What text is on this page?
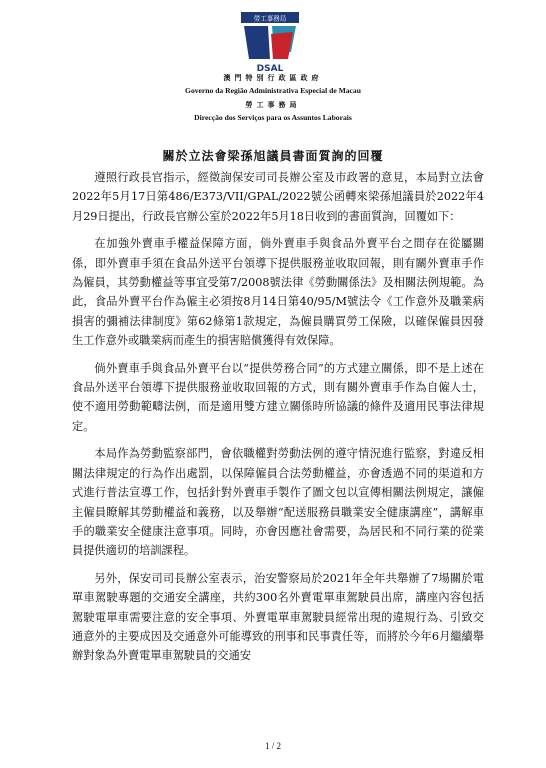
勞工事務局
DSAL
澳門特別行政區政府
Governo da Região Administrativa Especial de Macau
勞工事務局
Direcção dos Serviços para os Assuntos Laborais
關於立法會梁孫旭議員書面質詢的回覆

遵照行政長官指示，經徵詢保安司司長辦公室及市政署的意見，本局對立法會2022年5月17日第486/E373/VII/GPAL/2022號公函轉來梁孫旭議員於2022年4月29日提出，行政長官辦公室於2022年5月18日收到的書面質詢，回覆如下：

在加強外賣車手權益保障方面，倘外賣車手與食品外賣平台之間存在從屬關係，即外賣車手須在食品外送平台領導下提供服務並收取回報，則有關外賣車手作為僱員，其勞動權益等事宜受第7/2008號法律《勞動關係法》及相關法例規範。為此，食品外賣平台作為僱主必須按8月14日第40/95/M號法令《工作意外及職業病損害的彌補法律制度》第62條第1款規定，為僱員購買勞工保險，以確保僱員因發生工作意外或職業病而產生的損害賠償獲得有效保障。

倘外賣車手與食品外賣平台以“提供勞務合同”的方式建立關係，即不是上述在食品外送平台領導下提供服務並收取回報的方式，則有關外賣車手作為自僱人士，使不適用勞動範疇法例，而是適用雙方建立關係時所協議的條件及適用民事法律規定。

本局作為勞動監察部門，會依職權對勞動法例的遵守情況進行監察，對違反相關法律規定的行為作出處罰，以保障僱員合法勞動權益，亦會透過不同的渠道和方式進行普法宣導工作，包括針對外賣車手製作了圖文包以宣傳相關法例規定，讓僱主僱員瞭解其勞動權益和義務，以及舉辦“配送服務員職業安全健康講座”，講解車手的職業安全健康注意事項。同時，亦會因應社會需要，為居民和不同行業的從業員提供適切的培訓課程。

另外，保安司司長辦公室表示，治安警察局於2021年全年共舉辦了7場關於電單車駕駛專題的交通安全講座，共約300名外賣電單車駕駛員出席，講座內容包括駕駛電單車需要注意的安全事項、外賣電單車駕駛員經常出現的違規行為、引致交通意外的主要成因及交通意外可能導致的刑事和民事責任等，而將於今年6月繼續舉辦對象為外賣電單車駕駛員的交通安

1 / 2
